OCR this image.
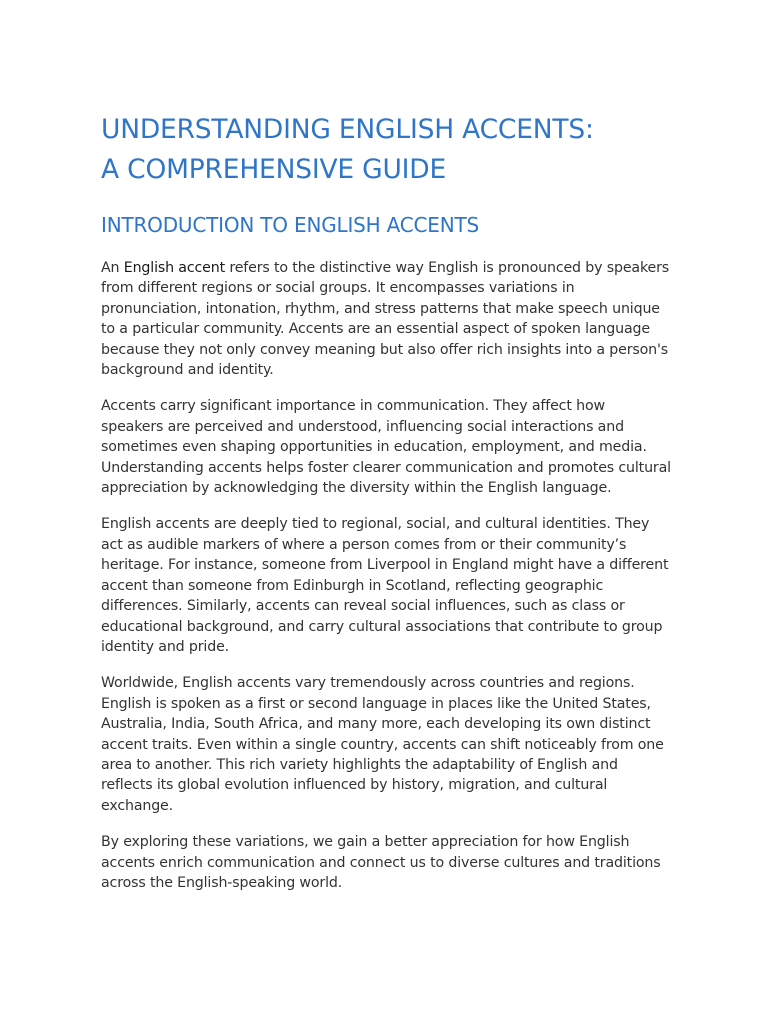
UNDERSTANDING ENGLISH ACCENTS:
A COMPREHENSIVE GUIDE
INTRODUCTION TO ENGLISH ACCENTS

An English accent refers to the distinctive way English is pronounced by speakers from different regions or social groups. It encompasses variations in pronunciation, intonation, rhythm, and stress patterns that make speech unique to a particular community. Accents are an essential aspect of spoken language because they not only convey meaning but also offer rich insights into a person's background and identity.

Accents carry significant importance in communication. They affect how speakers are perceived and understood, influencing social interactions and sometimes even shaping opportunities in education, employment, and media. Understanding accents helps foster clearer communication and promotes cultural appreciation by acknowledging the diversity within the English language.

English accents are deeply tied to regional, social, and cultural identities. They act as audible markers of where a person comes from or their community’s heritage. For instance, someone from Liverpool in England might have a different accent than someone from Edinburgh in Scotland, reflecting geographic differences. Similarly, accents can reveal social influences, such as class or educational background, and carry cultural associations that contribute to group identity and pride.

Worldwide, English accents vary tremendously across countries and regions. English is spoken as a first or second language in places like the United States, Australia, India, South Africa, and many more, each developing its own distinct accent traits. Even within a single country, accents can shift noticeably from one area to another. This rich variety highlights the adaptability of English and reflects its global evolution influenced by history, migration, and cultural exchange.

By exploring these variations, we gain a better appreciation for how English accents enrich communication and connect us to diverse cultures and traditions across the English-speaking world.
